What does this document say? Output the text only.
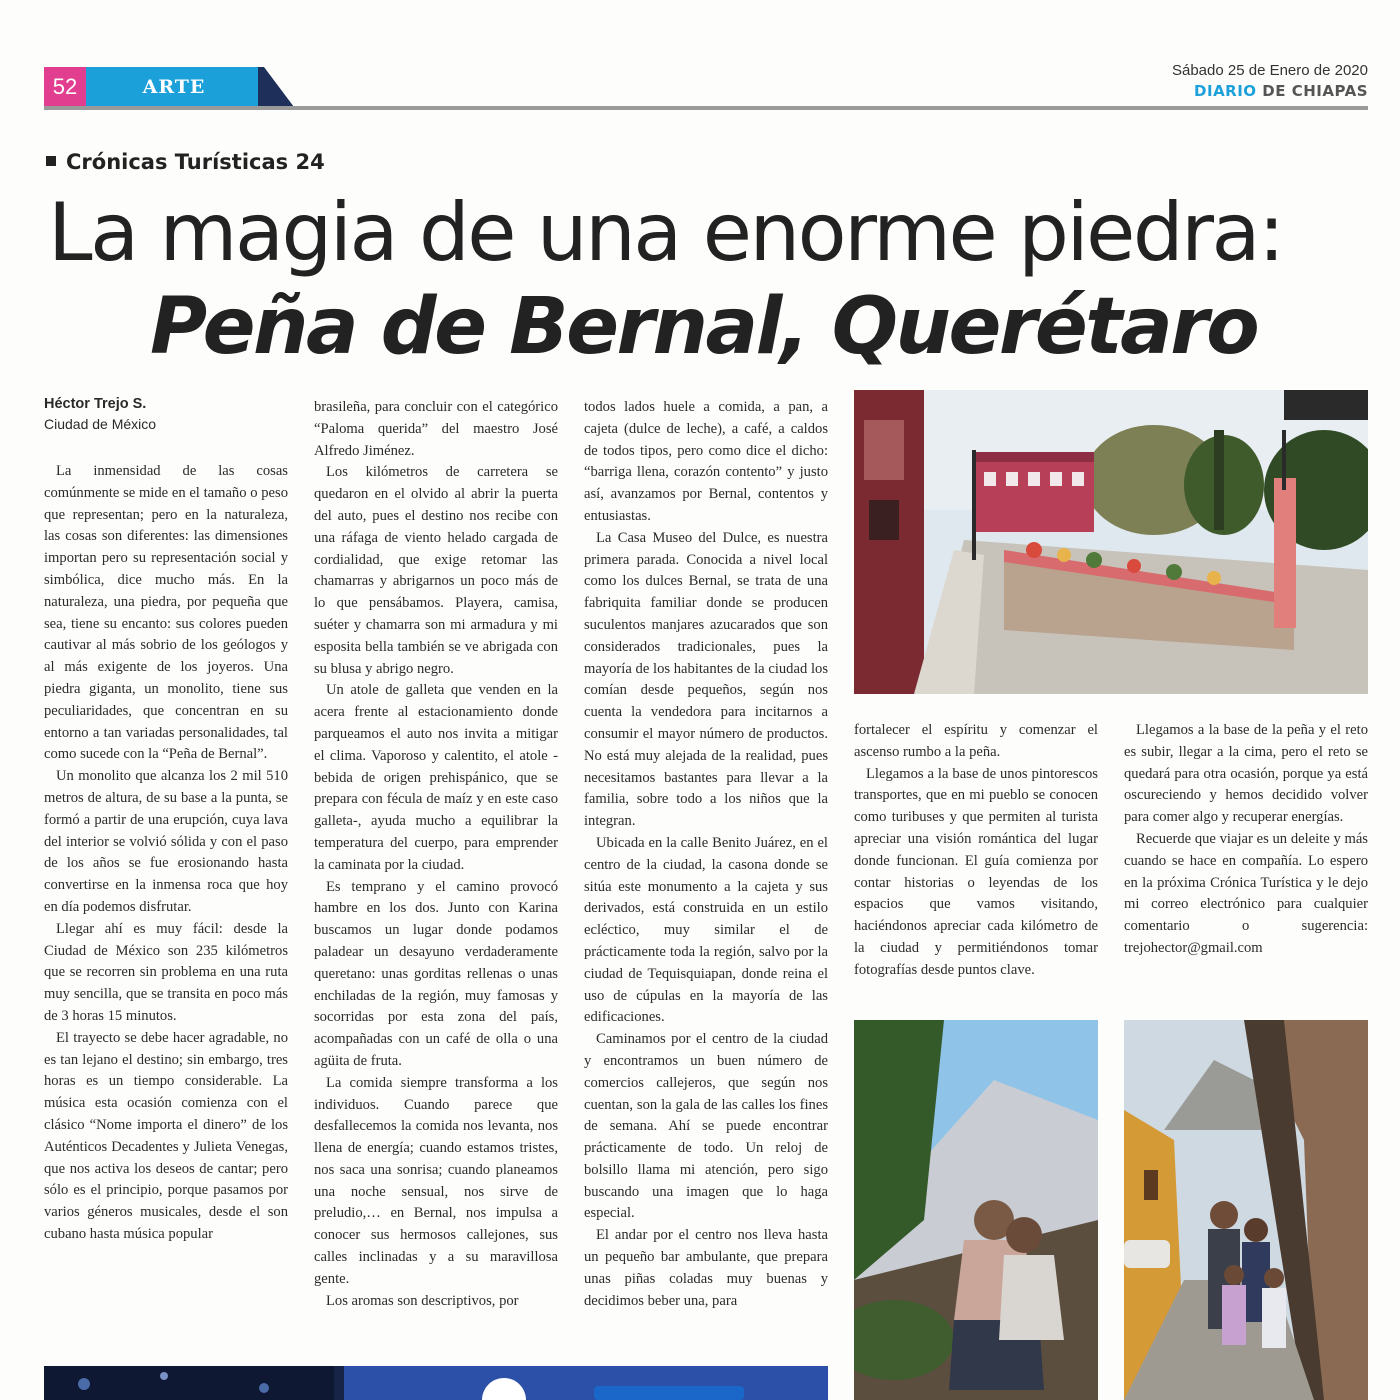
52	ARTE
Sábado 25 de Enero de 2020
DIARIO DE CHIAPAS
Crónicas Turísticas 24
La magia de una enorme piedra:
Peña de Bernal, Querétaro
Héctor Trejo S.
Ciudad de México

La inmensidad de las cosas comúnmente se mide en el tamaño o peso que representan; pero en la naturaleza, las cosas son diferentes: las dimensiones importan pero su representación social y simbólica, dice mucho más. En la naturaleza, una piedra, por pequeña que sea, tiene su encanto: sus colores pueden cautivar al más sobrio de los geólogos y al más exigente de los joyeros. Una piedra giganta, un monolito, tiene sus peculiaridades, que concentran en su entorno a tan variadas personalidades, tal como sucede con la “Peña de Bernal”.

Un monolito que alcanza los 2 mil 510 metros de altura, de su base a la punta, se formó a partir de una erupción, cuya lava del interior se volvió sólida y con el paso de los años se fue erosionando hasta convertirse en la inmensa roca que hoy en día podemos disfrutar.

Llegar ahí es muy fácil: desde la Ciudad de México son 235 kilómetros que se recorren sin problema en una ruta muy sencilla, que se transita en poco más de 3 horas 15 minutos.

El trayecto se debe hacer agradable, no es tan lejano el destino; sin embargo, tres horas es un tiempo considerable. La música esta ocasión comienza con el clásico “Nome importa el dinero” de los Auténticos Decadentes y Julieta Venegas, que nos activa los deseos de cantar; pero sólo es el principio, porque pasamos por varios géneros musicales, desde el son cubano hasta música popular

brasileña, para concluir con el categórico “Paloma querida” del maestro José Alfredo Jiménez.

Los kilómetros de carretera se quedaron en el olvido al abrir la puerta del auto, pues el destino nos recibe con una ráfaga de viento helado cargada de cordialidad, que exige retomar las chamarras y abrigarnos un poco más de lo que pensábamos. Playera, camisa, suéter y chamarra son mi armadura y mi esposita bella también se ve abrigada con su blusa y abrigo negro.

Un atole de galleta que venden en la acera frente al estacionamiento donde parqueamos el auto nos invita a mitigar el clima. Vaporoso y calentito, el atole -bebida de origen prehispánico, que se prepara con fécula de maíz y en este caso galleta-, ayuda mucho a equilibrar la temperatura del cuerpo, para emprender la caminata por la ciudad.

Es temprano y el camino provocó hambre en los dos. Junto con Karina buscamos un lugar donde podamos paladear un desayuno verdaderamente queretano: unas gorditas rellenas o unas enchiladas de la región, muy famosas y socorridas por esta zona del país, acompañadas con un café de olla o una agüita de fruta.

La comida siempre transforma a los individuos. Cuando parece que desfallecemos la comida nos levanta, nos llena de energía; cuando estamos tristes, nos saca una sonrisa; cuando planeamos una noche sensual, nos sirve de preludio,… en Bernal, nos impulsa a conocer sus hermosos callejones, sus calles inclinadas y a su maravillosa gente.

Los aromas son descriptivos, por

todos lados huele a comida, a pan, a cajeta (dulce de leche), a café, a caldos de todos tipos, pero como dice el dicho: “barriga llena, corazón contento” y justo así, avanzamos por Bernal, contentos y entusiastas.

La Casa Museo del Dulce, es nuestra primera parada. Conocida a nivel local como los dulces Bernal, se trata de una fabriquita familiar donde se producen suculentos manjares azucarados que son considerados tradicionales, pues la mayoría de los habitantes de la ciudad los comían desde pequeños, según nos cuenta la vendedora para incitarnos a consumir el mayor número de productos. No está muy alejada de la realidad, pues necesitamos bastantes para llevar a la familia, sobre todo a los niños que la integran.

Ubicada en la calle Benito Juárez, en el centro de la ciudad, la casona donde se sitúa este monumento a la cajeta y sus derivados, está construida en un estilo ecléctico, muy similar el de prácticamente toda la región, salvo por la ciudad de Tequisquiapan, donde reina el uso de cúpulas en la mayoría de las edificaciones.

Caminamos por el centro de la ciudad y encontramos un buen número de comercios callejeros, que según nos cuentan, son la gala de las calles los fines de semana. Ahí se puede encontrar prácticamente de todo. Un reloj de bolsillo llama mi atención, pero sigo buscando una imagen que lo haga especial.

El andar por el centro nos lleva hasta un pequeño bar ambulante, que prepara unas piñas coladas muy buenas y decidimos beber una, para

fortalecer el espíritu y comenzar el ascenso rumbo a la peña.

Llegamos a la base de unos pintorescos transportes, que en mi pueblo se conocen como turibuses y que permiten al turista apreciar una visión romántica del lugar donde funcionan. El guía comienza por contar historias o leyendas de los espacios que vamos visitando, haciéndonos apreciar cada kilómetro de la ciudad y permitiéndonos tomar fotografías desde puntos clave.

Llegamos a la base de la peña y el reto es subir, llegar a la cima, pero el reto se quedará para otra ocasión, porque ya está oscureciendo y hemos decidido volver para comer algo y recuperar energías.

Recuerde que viajar es un deleite y más cuando se hace en compañía. Lo espero en la próxima Crónica Turística y le dejo mi correo electrónico para cualquier comentario o sugerencia: trejohector@gmail.com
